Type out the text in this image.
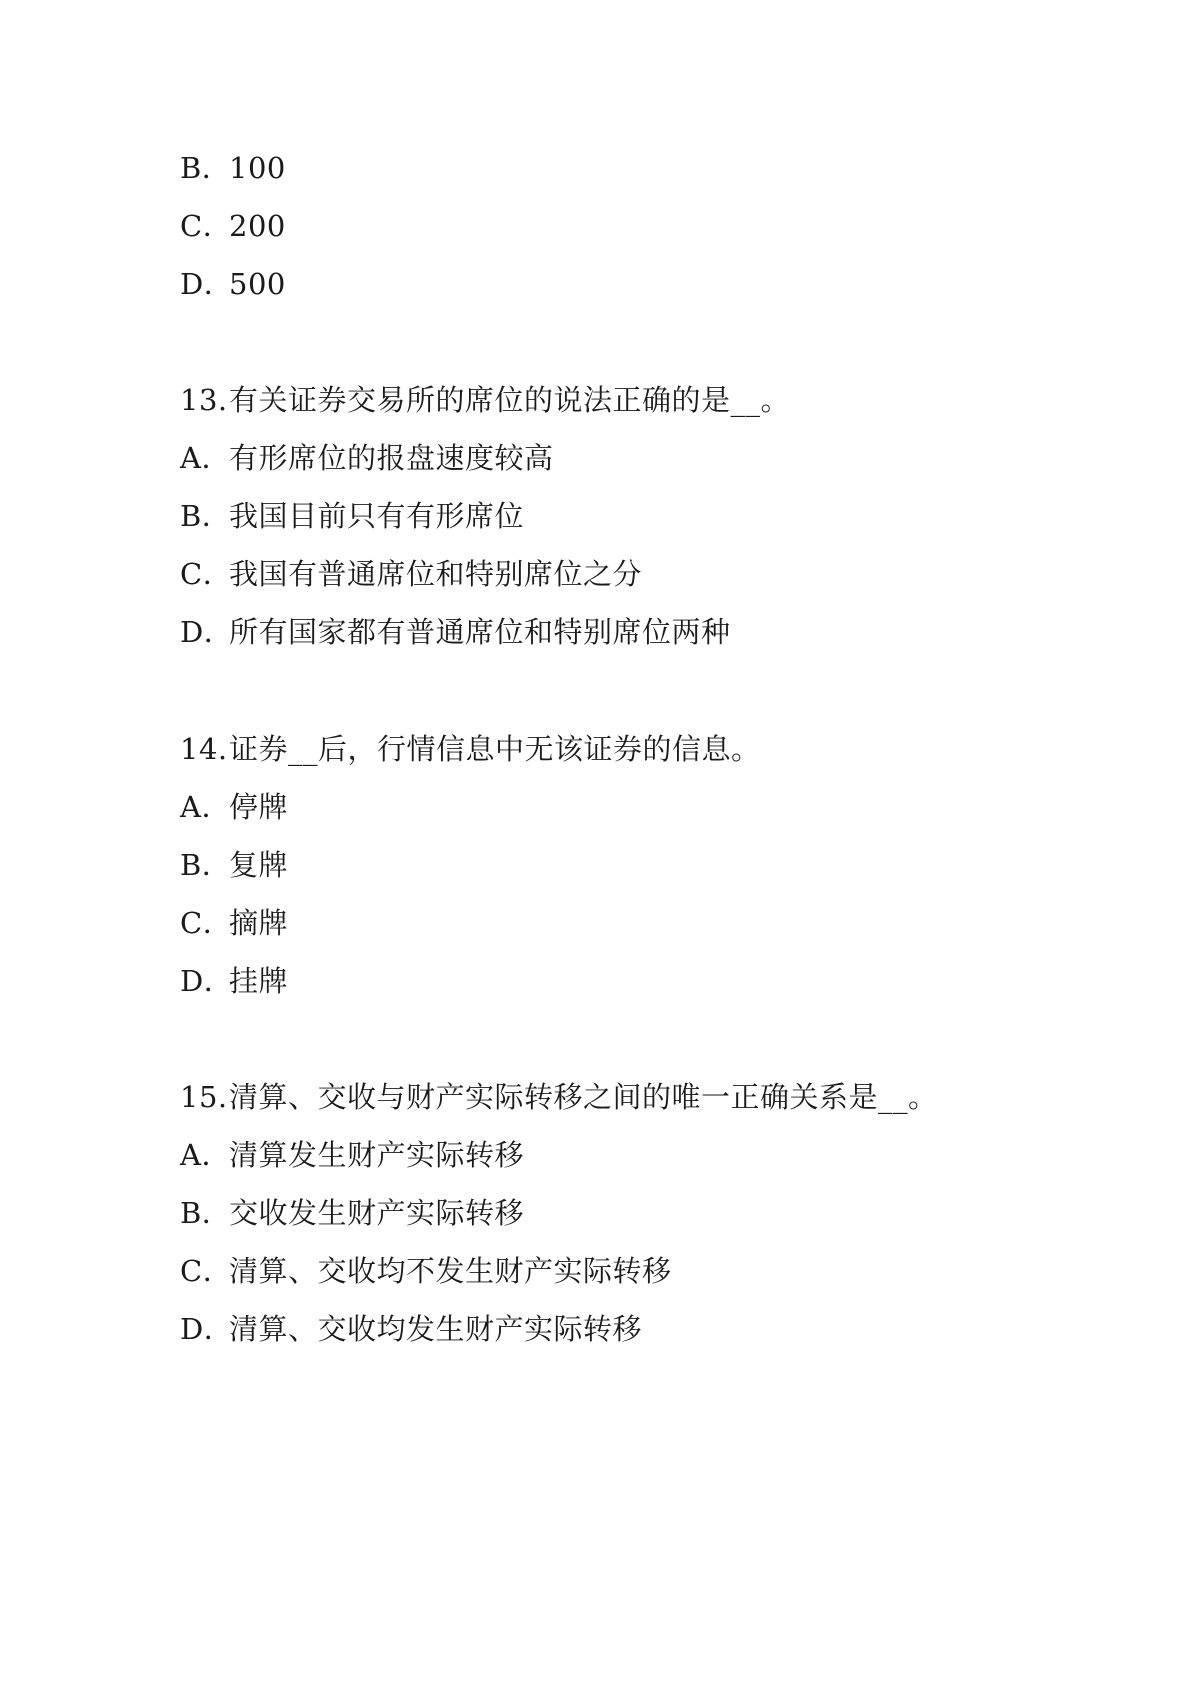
B．100
C．200
D．500
13.有关证券交易所的席位的说法正确的是__。
A．有形席位的报盘速度较高
B．我国目前只有有形席位
C．我国有普通席位和特别席位之分
D．所有国家都有普通席位和特别席位两种
14.证券__后，行情信息中无该证券的信息。
A．停牌
B．复牌
C．摘牌
D．挂牌
15.清算、交收与财产实际转移之间的唯一正确关系是__。
A．清算发生财产实际转移
B．交收发生财产实际转移
C．清算、交收均不发生财产实际转移
D．清算、交收均发生财产实际转移
